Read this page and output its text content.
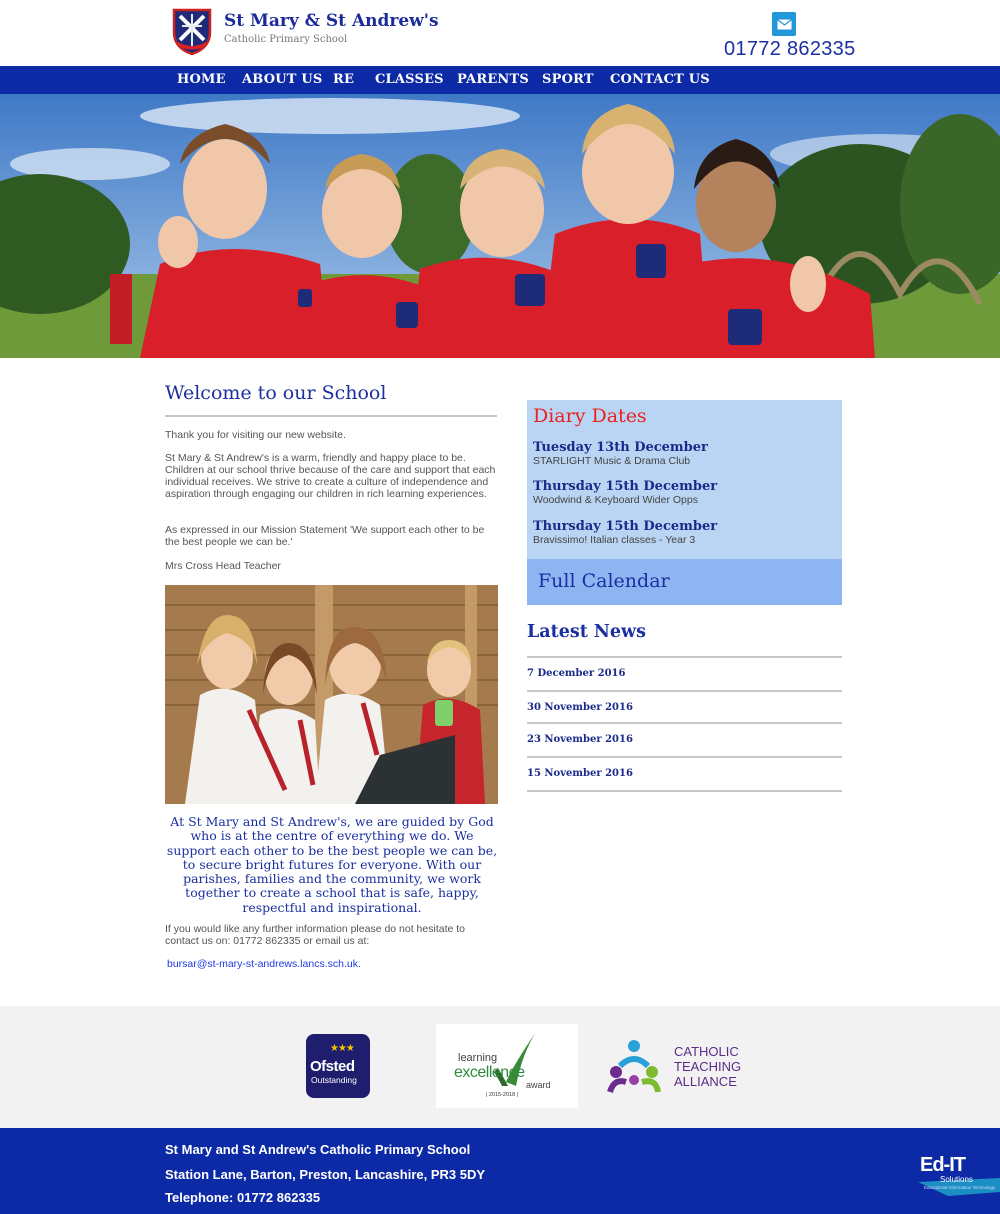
St Mary & St Andrew's
Catholic Primary School	01772 862335
HOME ABOUT US RE CLASSES PARENTS SPORT CONTACT US
Welcome to our School

Thank you for visiting our new website.

St Mary & St Andrew's is a warm, friendly and happy place to be. Children at our school thrive because of the care and support that each individual receives. We strive to create a culture of independence and aspiration through engaging our children in rich learning experiences.

As expressed in our Mission Statement 'We support each other to be the best people we can be.'

Mrs Cross Head Teacher

At St Mary and St Andrew's, we are guided by God who is at the centre of everything we do. We support each other to be the best people we can be, to secure bright futures for everyone. With our parishes, families and the community, we work together to create a school that is safe, happy, respectful and inspirational.

If you would like any further information please do not hesitate to contact us on: 01772 862335 or email us at:

bursar@st-mary-st-andrews.lancs.sch.uk.
Diary Dates
Tuesday 13th December
STARLIGHT Music & Drama Club
Thursday 15th December
Woodwind & Keyboard Wider Opps
Thursday 15th December
Bravissimo! Italian classes - Year 3
Full Calendar
Latest News
7 December 2016
30 November 2016
23 November 2016
15 November 2016
★★★
Ofsted
Outstanding
| 2015-2018 |
learning
excellence
award
CATHOLIC
TEACHING
ALLIANCE
St Mary and St Andrew's Catholic Primary School
Station Lane, Barton, Preston, Lancashire, PR3 5DY
Telephone: 01772 862335
Ed-IT
Solutions
Educational Information Technology
